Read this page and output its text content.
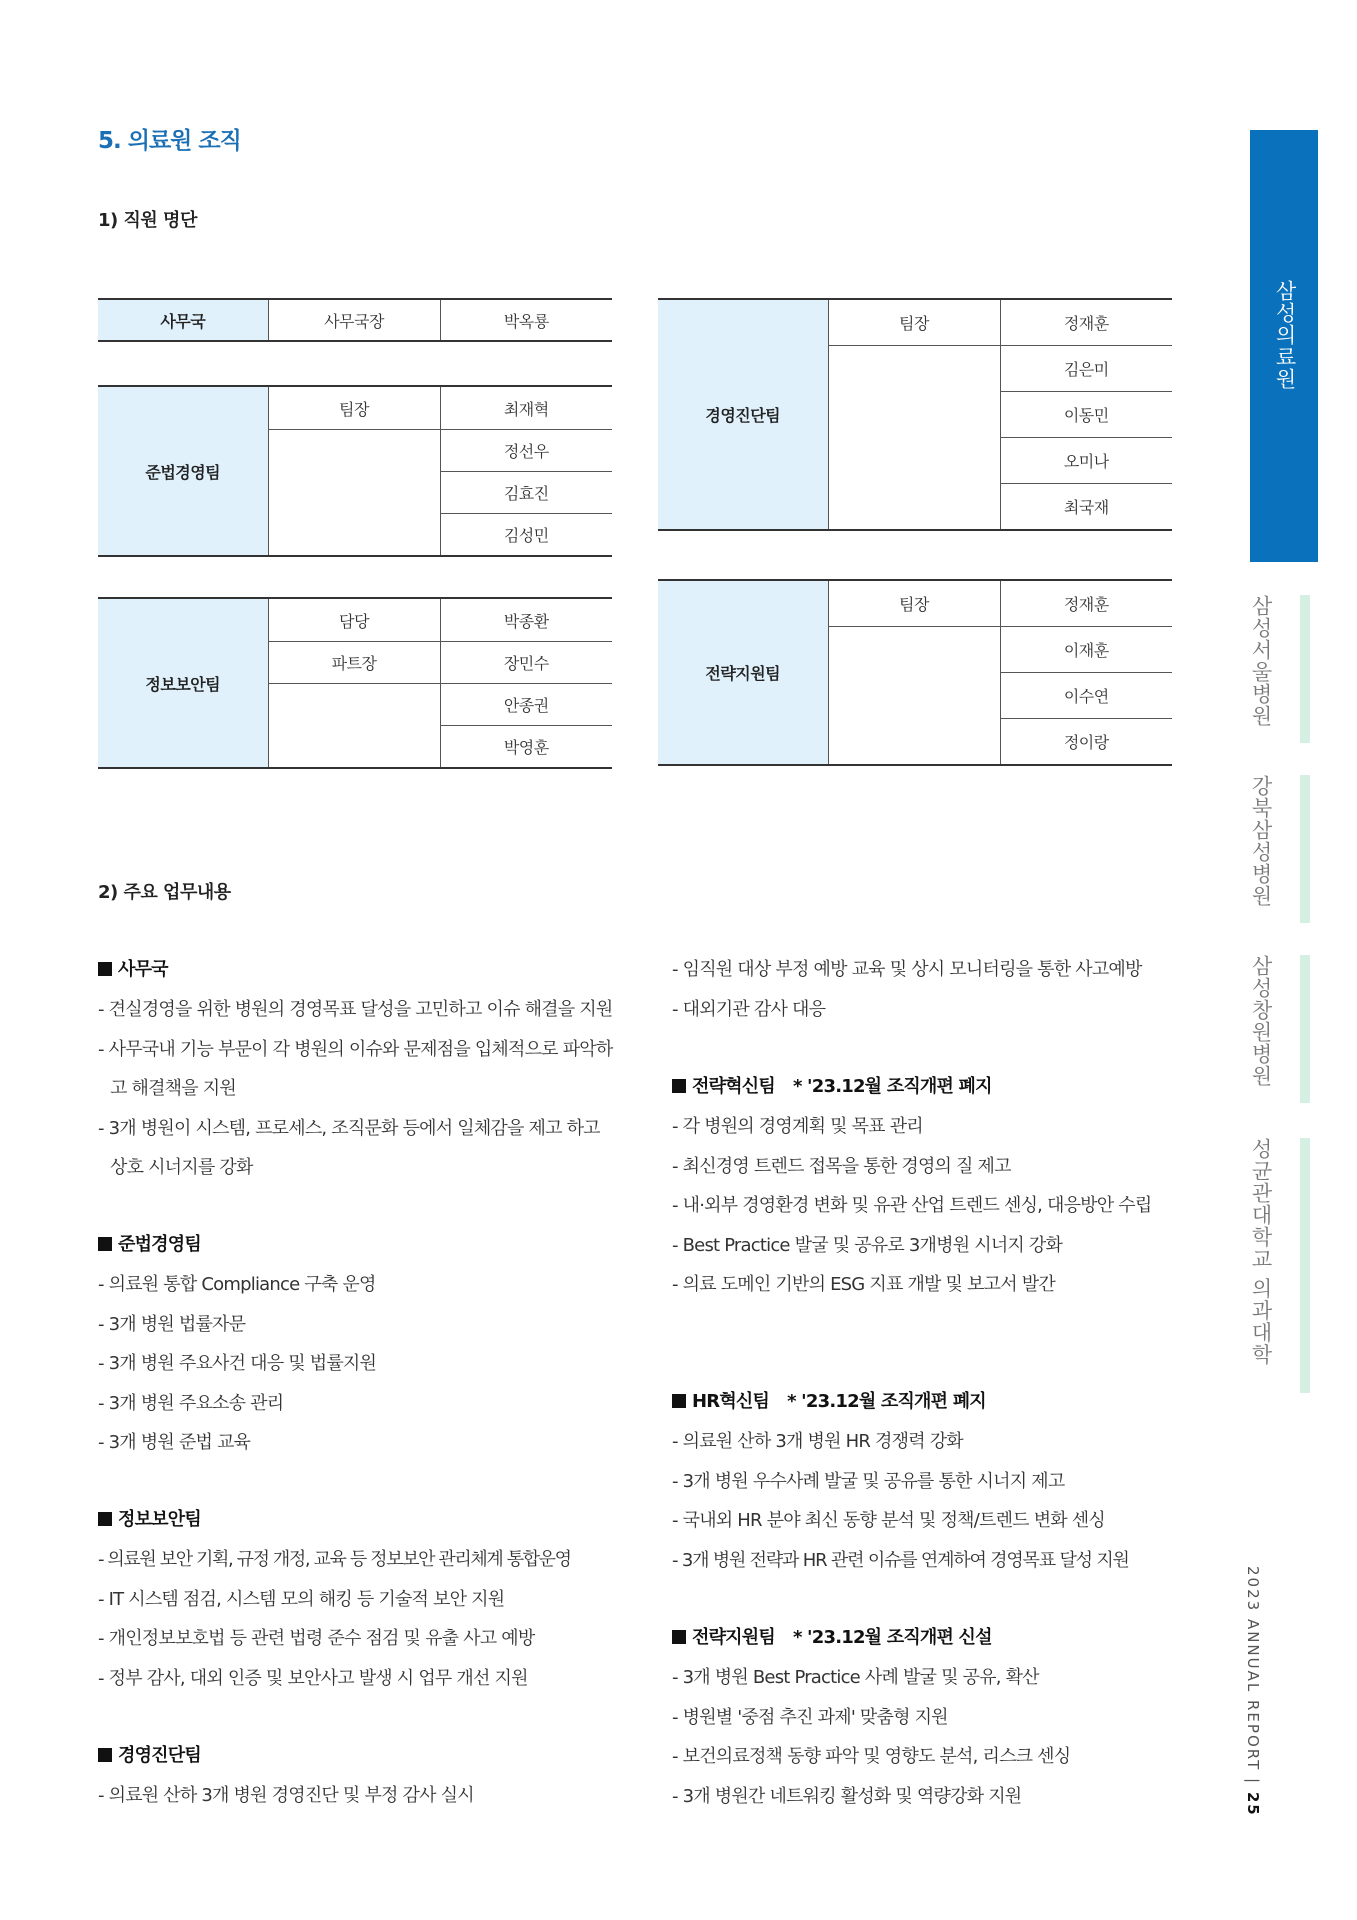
5. 의료원 조직
1) 직원 명단
사무국	사무국장	박옥룡
준법경영팀	팀장	최재혁
		정선우
		김효진
		김성민
정보보안팀	담당	박종환
	파트장	장민수
		안종권
		박영훈
경영진단팀	팀장	정재훈
		김은미
		이동민
		오미나
		최국재
전략지원팀	팀장	정재훈
		이재훈
		이수연
		정이랑
2) 주요 업무내용
사무국
- 견실경영을 위한 병원의 경영목표 달성을 고민하고 이슈 해결을 지원
- 사무국내 기능 부문이 각 병원의 이슈와 문제점을 입체적으로 파악하고 해결책을 지원
- 3개 병원이 시스템, 프로세스, 조직문화 등에서 일체감을 제고 하고 상호 시너지를 강화
준법경영팀
- 의료원 통합 Compliance 구축 운영
- 3개 병원 법률자문
- 3개 병원 주요사건 대응 및 법률지원
- 3개 병원 주요소송 관리
- 3개 병원 준법 교육
정보보안팀
- 의료원 보안 기획, 규정 개정, 교육 등 정보보안 관리체계 통합운영
- IT 시스템 점검, 시스템 모의 해킹 등 기술적 보안 지원
- 개인정보보호법 등 관련 법령 준수 점검 및 유출 사고 예방
- 정부 감사, 대외 인증 및 보안사고 발생 시 업무 개선 지원
경영진단팀
- 의료원 산하 3개 병원 경영진단 및 부정 감사 실시
- 임직원 대상 부정 예방 교육 및 상시 모니터링을 통한 사고예방
- 대외기관 감사 대응
전략혁신팀 * '23.12월 조직개편 폐지
- 각 병원의 경영계획 및 목표 관리
- 최신경영 트렌드 접목을 통한 경영의 질 제고
- 내·외부 경영환경 변화 및 유관 산업 트렌드 센싱, 대응방안 수립
- Best Practice 발굴 및 공유로 3개병원 시너지 강화
- 의료 도메인 기반의 ESG 지표 개발 및 보고서 발간
HR혁신팀 * '23.12월 조직개편 폐지
- 의료원 산하 3개 병원 HR 경쟁력 강화
- 3개 병원 우수사례 발굴 및 공유를 통한 시너지 제고
- 국내외 HR 분야 최신 동향 분석 및 정책/트렌드 변화 센싱
- 3개 병원 전략과 HR 관련 이슈를 연계하여 경영목표 달성 지원
전략지원팀 * '23.12월 조직개편 신설
- 3개 병원 Best Practice 사례 발굴 및 공유, 확산
- 병원별 '중점 추진 과제' 맞춤형 지원
- 보건의료정책 동향 파악 및 영향도 분석, 리스크 센싱
- 3개 병원간 네트워킹 활성화 및 역량강화 지원
삼성의료원
삼성서울병원
강북삼성병원
삼성창원병원
성균관대학교 의과대학
2023 ANNUAL REPORT | 25
